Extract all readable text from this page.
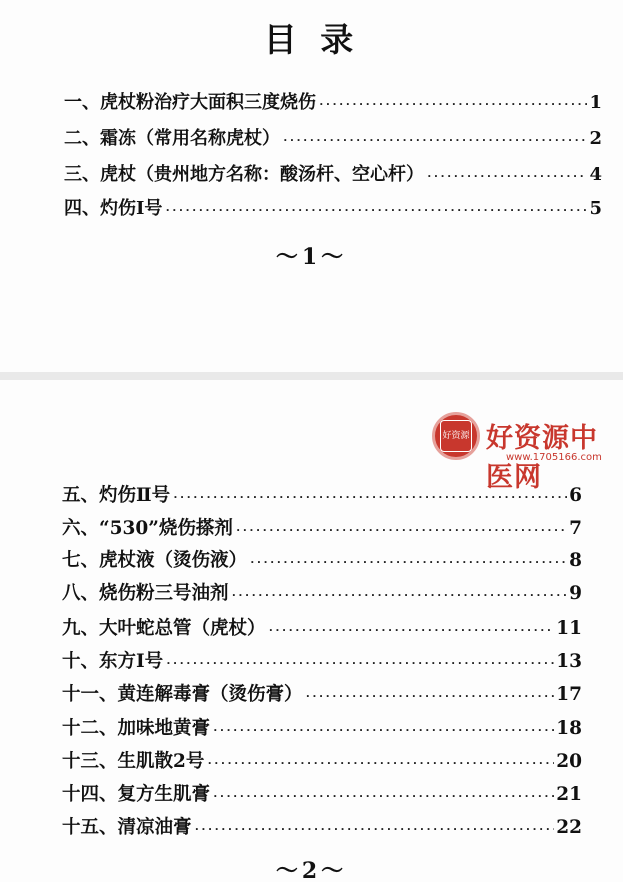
目 录
一、虎杖粉治疗大面积三度烧伤 ·····	1
二、霜冻（常用名称虎杖） ·····	2
三、虎杖（贵州地方名称：酸汤杆、空心杆） ·····	4
四、灼伤Ⅰ号 ·····	5
～1～
五、灼伤Ⅱ号 ·····	6
六、“530”烧伤搽剂 ·····	7
七、虎杖液（烫伤液） ·····	8
八、烧伤粉三号油剂 ·····	9
九、大叶蛇总管（虎杖） ·····	11
十、东方Ⅰ号 ·····	13
十一、黄连解毒膏（烫伤膏） ·····	17
十二、加味地黄膏 ·····	18
十三、生肌散2号 ·····	20
十四、复方生肌膏 ·····	21
十五、清凉油膏 ·····	22
～2～
好资源 好资源中医网
www.1705166.com
